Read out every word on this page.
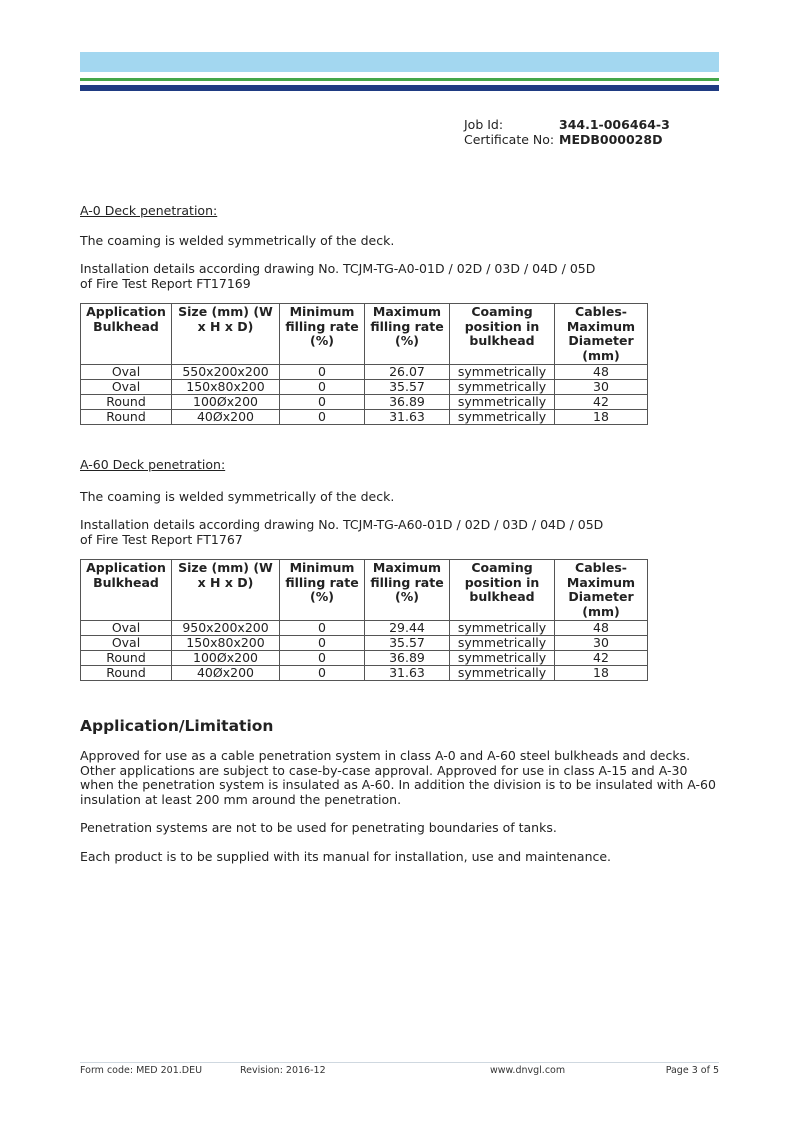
Job Id:	344.1-006464-3
Certificate No: MEDB000028D

A-0 Deck penetration:

The coaming is welded symmetrically of the deck.

Installation details according drawing No. TCJM-TG-A0-01D / 02D / 03D / 04D / 05D

of Fire Test Report FT17169

Application Bulkhead	Size (mm) (W x H x D)	Minimum filling rate (%)	Maximum filling rate (%)	Coaming position in bulkhead	Cables- Maximum Diameter (mm)
Oval	550x200x200	0	26.07	symmetrically	48
Oval	150x80x200	0	35.57	symmetrically	30
Round	100Øx200	0	36.89	symmetrically	42
Round	40Øx200	0	31.63	symmetrically	18

A-60 Deck penetration:

The coaming is welded symmetrically of the deck.

Installation details according drawing No. TCJM-TG-A60-01D / 02D / 03D / 04D / 05D

of Fire Test Report FT1767

Application Bulkhead	Size (mm) (W x H x D)	Minimum filling rate (%)	Maximum filling rate (%)	Coaming position in bulkhead	Cables- Maximum Diameter (mm)
Oval	950x200x200	0	29.44	symmetrically	48
Oval	150x80x200	0	35.57	symmetrically	30
Round	100Øx200	0	36.89	symmetrically	42
Round	40Øx200	0	31.63	symmetrically	18
Application/Limitation

Approved for use as a cable penetration system in class A-0 and A-60 steel bulkheads and decks. Other applications are subject to case-by-case approval. Approved for use in class A-15 and A-30 when the penetration system is insulated as A-60. In addition the division is to be insulated with A-60 insulation at least 200 mm around the penetration.

Penetration systems are not to be used for penetrating boundaries of tanks.

Each product is to be supplied with its manual for installation, use and maintenance.

Form code: MED 201.DEU	Revision: 2016-12	www.dnvgl.com	Page 3 of 5
